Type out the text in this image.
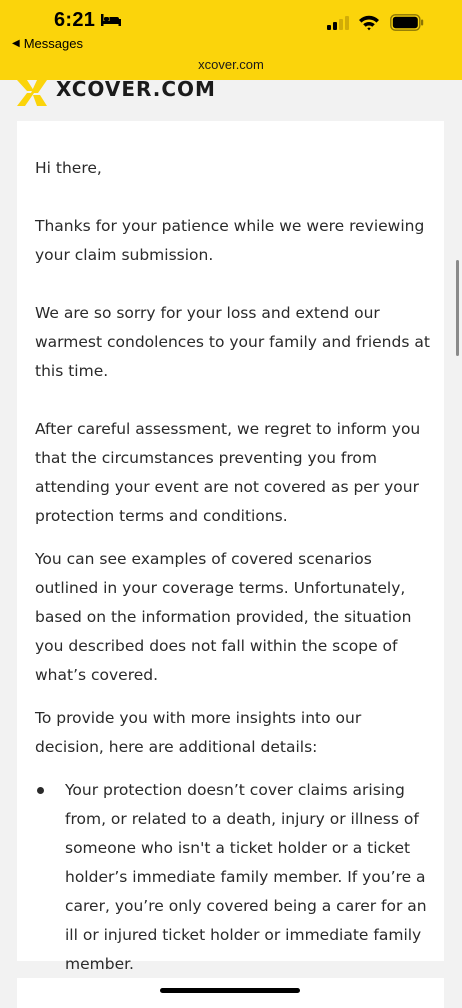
6:21
◀ Messages
xcover.com
XCOVER.COM

Hi there,

Thanks for your patience while we were reviewing your claim submission.

We are so sorry for your loss and extend our warmest condolences to your family and friends at this time.

After careful assessment, we regret to inform you that the circumstances preventing you from attending your event are not covered as per your protection terms and conditions.

You can see examples of covered scenarios outlined in your coverage terms. Unfortunately, based on the information provided, the situation you described does not fall within the scope of what’s covered.

To provide you with more insights into our decision, here are additional details:

Your protection doesn’t cover claims arising from, or related to a death, injury or illness of someone who isn't a ticket holder or a ticket holder’s immediate family member. If you’re a carer, you’re only covered being a carer for an ill or injured ticket holder or immediate family member.
